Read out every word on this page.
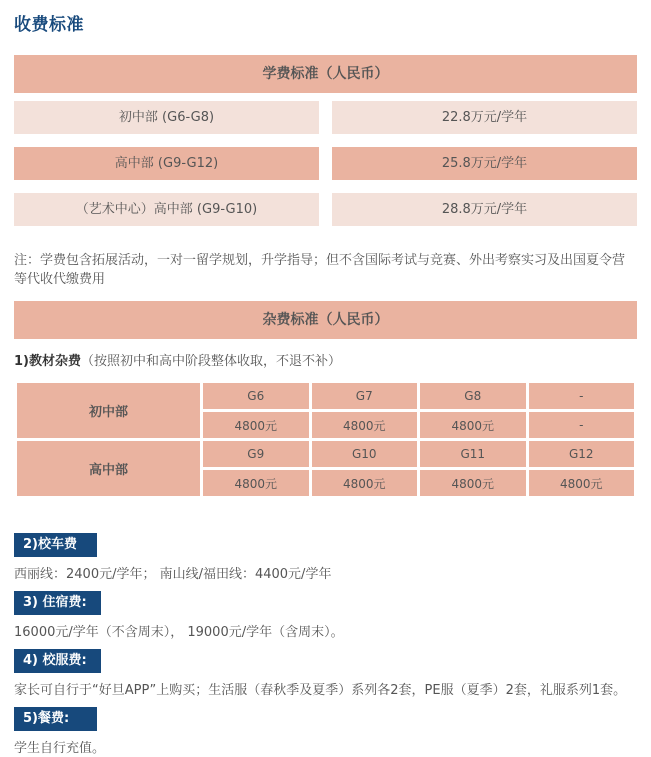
收费标准
学费标准（人民币）
初中部 (G6-G8)	22.8万元/学年
高中部 (G9-G12)	25.8万元/学年
（艺术中心）高中部 (G9-G10)	28.8万元/学年

注：学费包含拓展活动，一对一留学规划，升学指导；但不含国际考试与竞赛、外出考察实习及出国夏令营等代收代缴费用

杂费标准（人民币）

1)教材杂费（按照初中和高中阶段整体收取，不退不补）

初中部	G6	G7	G8	-
	4800元	4800元	4800元	-
高中部	G9	G10	G11	G12
	4800元	4800元	4800元	4800元
2)校车费

西丽线：2400元/学年； 南山线/福田线：4400元/学年

3) 住宿费:

16000元/学年（不含周末）， 19000元/学年（含周末）。

4) 校服费:

家长可自行于“好旦APP”上购买；生活服（春秋季及夏季）系列各2套，PE服（夏季）2套，礼服系列1套。

5)餐费:

学生自行充值。
